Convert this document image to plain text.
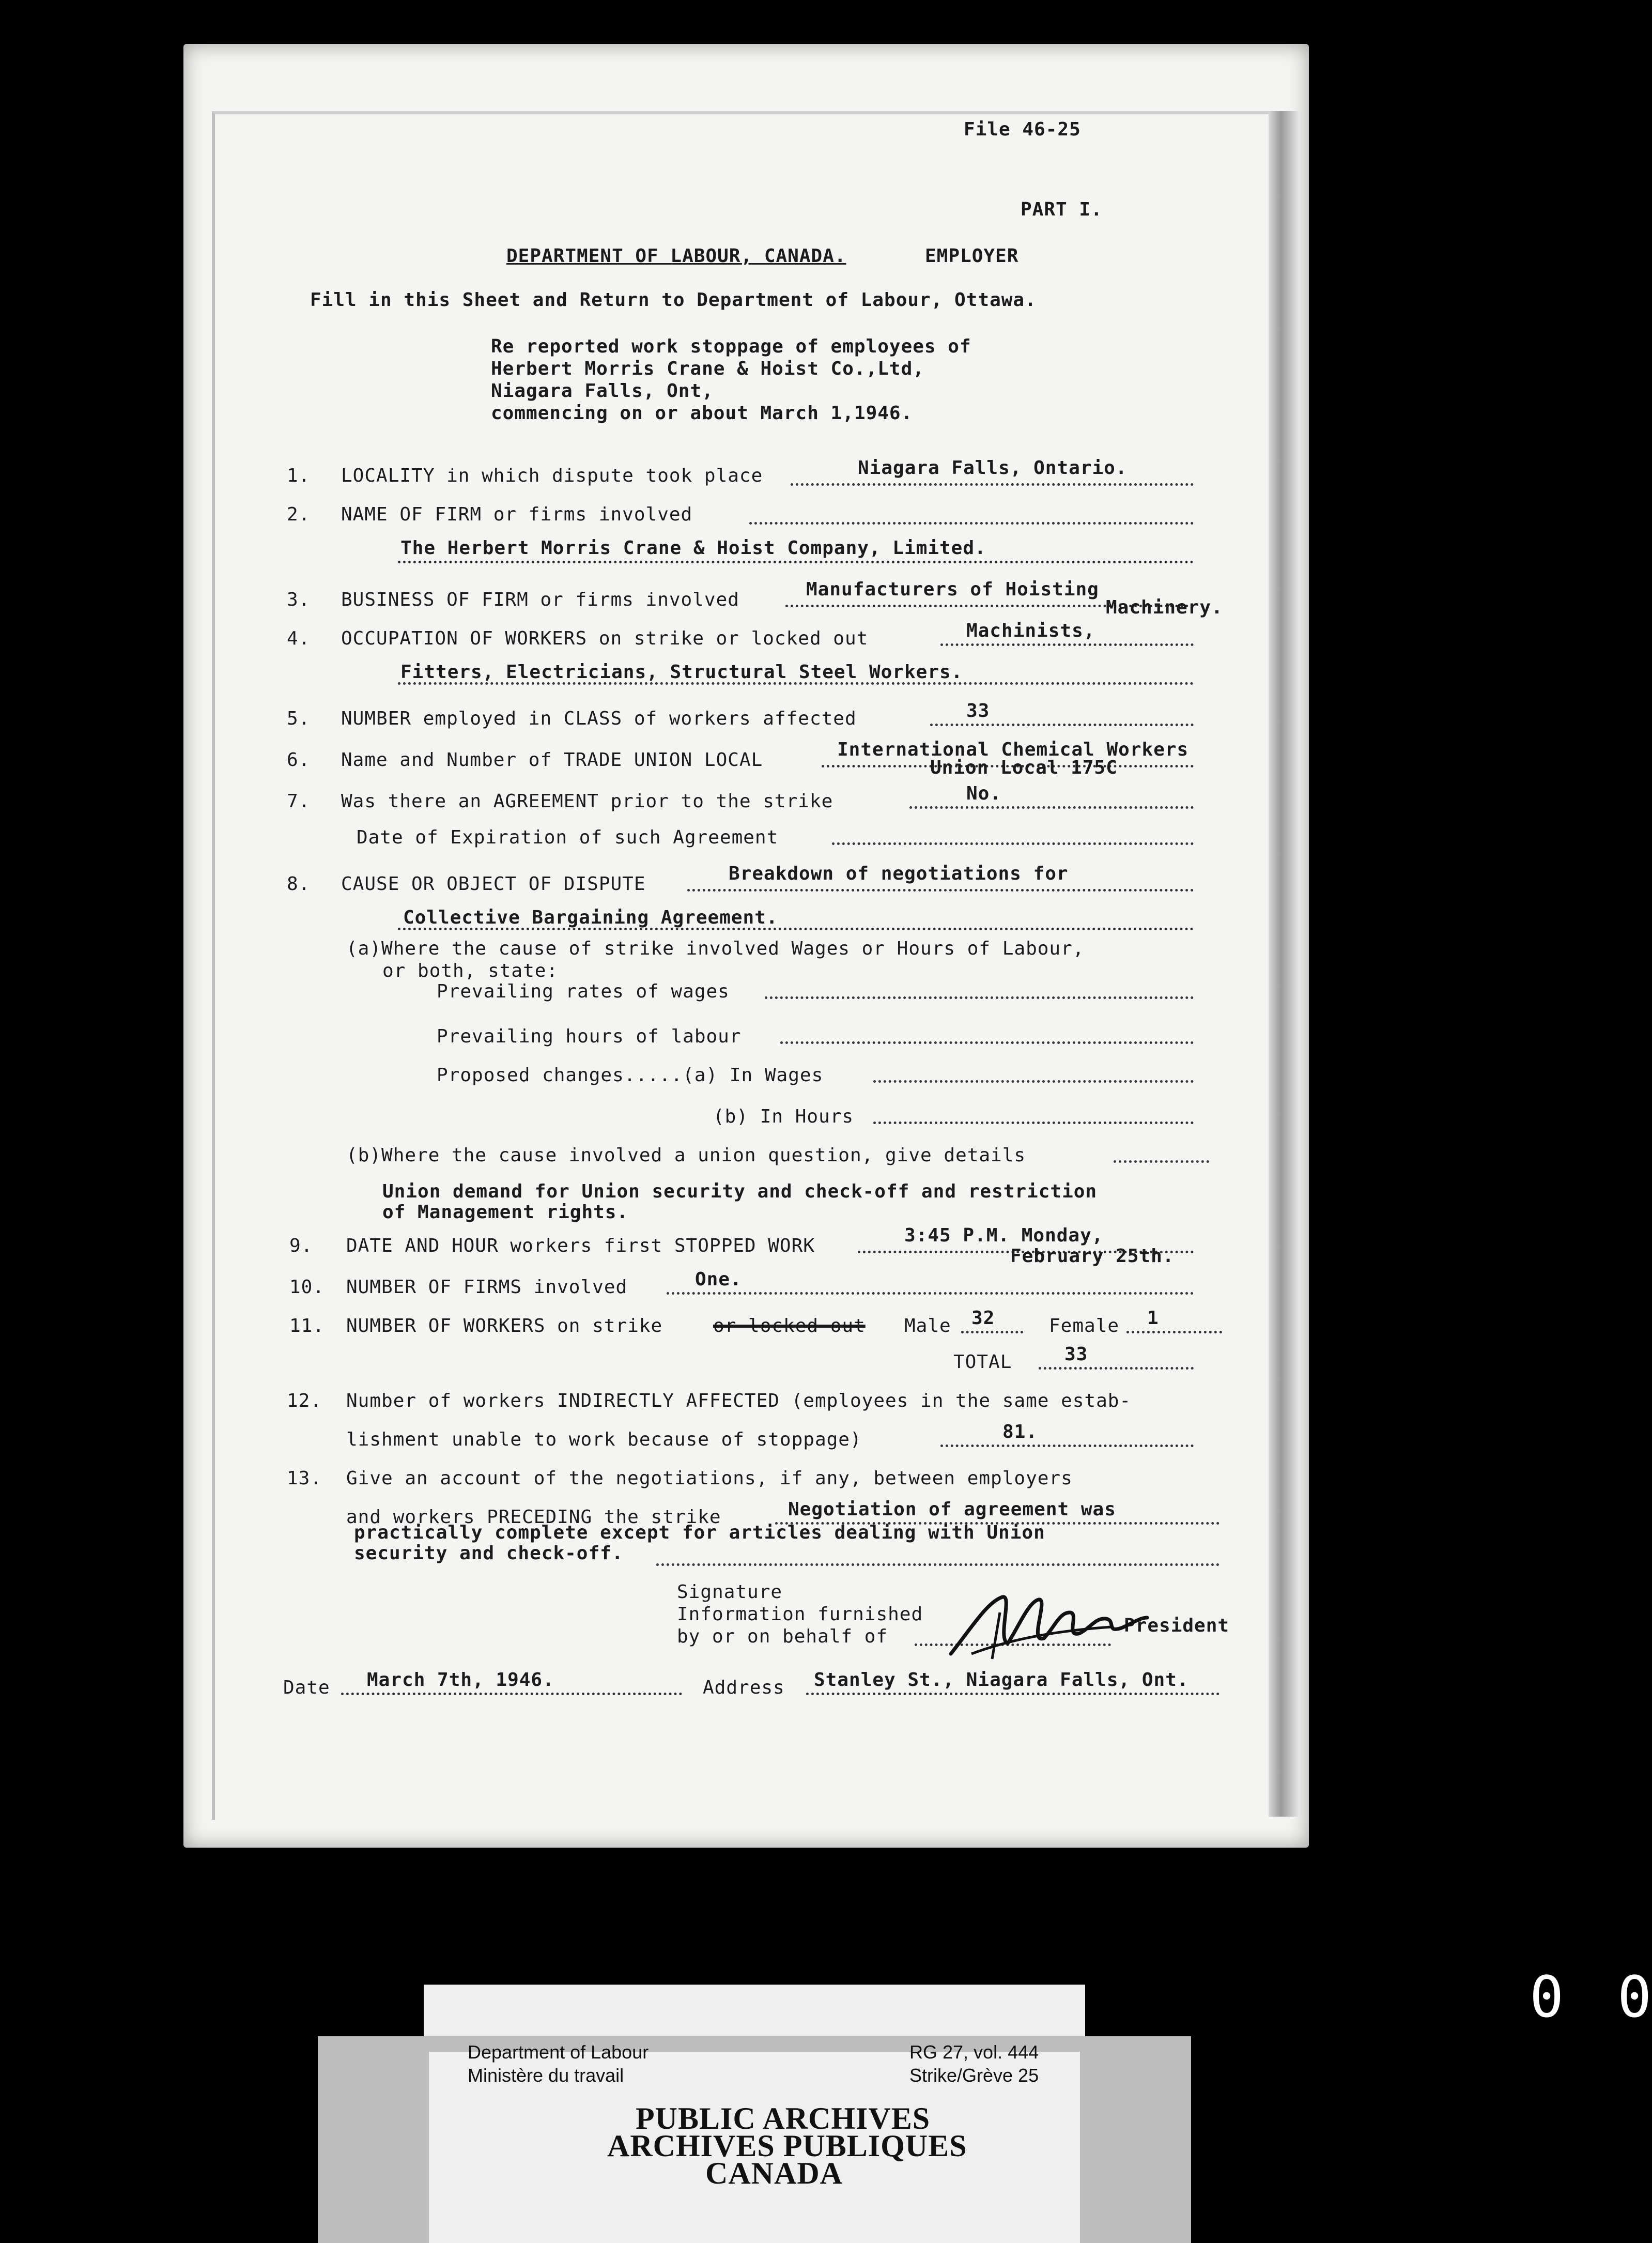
File 46-25
PART I.
DEPARTMENT OF LABOUR, CANADA.	EMPLOYER
Fill in this Sheet and Return to Department of Labour, Ottawa.
Re reported work stoppage of employees of
Herbert Morris Crane & Hoist Co.,Ltd,
Niagara Falls, Ont,
commencing on or about March 1,1946.
1. LOCALITY in which dispute took place	Niagara Falls, Ontario.
2. NAME OF FIRM or firms involved
The Herbert Morris Crane & Hoist Company, Limited.
3. BUSINESS OF FIRM or firms involved	Manufacturers of Hoisting
Machinery.
4. OCCUPATION OF WORKERS on strike or locked out	Machinists,
Fitters, Electricians, Structural Steel Workers.
5. NUMBER employed in CLASS of workers affected	33
6. Name and Number of TRADE UNION LOCAL	International Chemical Workers
Union Local 175C
7. Was there an AGREEMENT prior to the strike	No.
Date of Expiration of such Agreement
8. CAUSE OR OBJECT OF DISPUTE	Breakdown of negotiations for
Collective Bargaining Agreement.
(a)Where the cause of strike involved Wages or Hours of Labour,
or both, state:
Prevailing rates of wages
Prevailing hours of labour
Proposed changes.....(a) In Wages
(b) In Hours
(b)Where the cause involved a union question, give details
Union demand for Union security and check-off and restriction
of Management rights.
9. DATE AND HOUR workers first STOPPED WORK	3:45 P.M. Monday,
February 25th.
10. NUMBER OF FIRMS involved	One.
11. NUMBER OF WORKERS on strike	or locked out Male 32	Female 1
TOTAL	33
12. Number of workers INDIRECTLY AFFECTED (employees in the same estab-
lishment unable to work because of stoppage)	81.
13. Give an account of the negotiations, if any, between employers
and workers PRECEDING the strike	Negotiation of agreement was
practically complete except for articles dealing with Union
security and check-off.
Signature
Information furnished
by or on behalf of
President
Date March 7th, 1946.	Address Stanley St., Niagara Falls, Ont.
Department of Labour
Ministère du travail
RG 27, vol. 444
Strike/Grève 25
PUBLIC ARCHIVES
ARCHIVES PUBLIQUES
CANADA
0 0
